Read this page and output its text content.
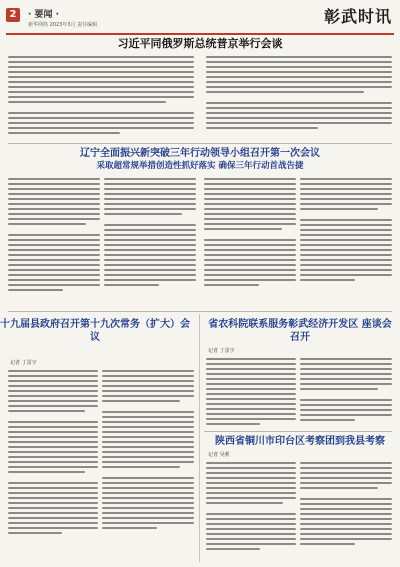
2	· 要闻 ·
新华网络 2023年3月 责任编辑	彰武时讯
习近平同俄罗斯总统普京举行会谈
辽宁全面振兴新突破三年行动领导小组召开第一次会议
采取超常规举措创造性抓好落实 确保三年行动首战告捷
十九届县政府召开第十九次常务（扩大）会议
记者 丁雷宇
省农科院联系服务彰武经济开发区 座谈会召开
记者 丁雷宇
陕西省铜川市印台区考察团到我县考察
记者 吴莉
